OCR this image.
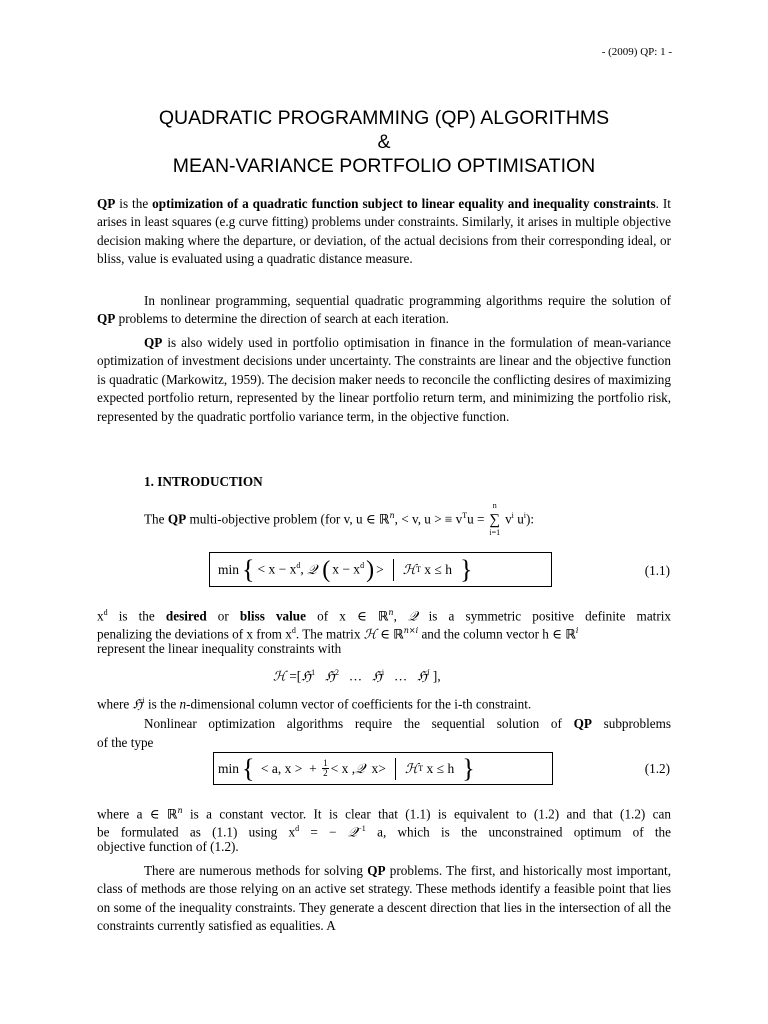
- (2009) QP: 1 -
QUADRATIC PROGRAMMING (QP) ALGORITHMS
&
MEAN-VARIANCE PORTFOLIO OPTIMISATION

QP is the optimization of a quadratic function subject to linear equality and inequality constraints. It arises in least squares (e.g curve fitting) problems under constraints. Similarly, it arises in multiple objective decision making where the departure, or deviation, of the actual decisions from their corresponding ideal, or bliss, value is evaluated using a quadratic distance measure.

In nonlinear programming, sequential quadratic programming algorithms require the solution of QP problems to determine the direction of search at each iteration.

QP is also widely used in portfolio optimisation in finance in the formulation of mean-variance optimization of investment decisions under uncertainty. The constraints are linear and the objective function is quadratic (Markowitz, 1959). The decision maker needs to reconcile the conflicting desires of maximizing expected portfolio return, represented by the linear portfolio return term, and minimizing the portfolio risk, represented by the quadratic portfolio variance term, in the objective function.

1. INTRODUCTION
The QP multi-objective problem (for v, u ∈ ℝ$^n$, < v, u > ≡ $v^Tu$ =
n
∑
i=1
$v^i$ $u^i$):
min { < $x - x^d$, 𝒬
( $x - x^d$ ) > ℋ T x ≤ h }	(1.1)
$x^d$ is the desired or bliss value of x ∈ ℝ$^n$, 𝒬 is a symmetric positive definite matrix
penalizing the deviations of x from $x^d$. The matrix ℋ ∈ ℝ$^{n\times i}$ and the column vector h ∈ ℝ$^i$
represent the linear inequality constraints with
ℋ =[ℌ$^1$ ℌ$^2$ … ℌ$^i$ … ℌ$^i$ ],
where ℌ$^i$ is the n-dimensional column vector of coefficients for the i-th constraint.
Nonlinear optimization algorithms require the sequential solution of QP subproblems
of the type
min { < a, x >  + $\frac{1}{2} < x$ , 𝒬 x> ℋ T x ≤ h }	(1.2)
where a ∈ ℝ$^n$ is a constant vector. It is clear that (1.1) is equivalent to (1.2) and that (1.2) can
be formulated as (1.1) using $x^d$ = − 𝒬$^{-1}$ a, which is the unconstrained optimum of the
objective function of (1.2).

There are numerous methods for solving QP problems. The first, and historically most important, class of methods are those relying on an active set strategy. These methods identify a feasible point that lies on some of the inequality constraints. They generate a descent direction that lies in the intersection of all the constraints currently satisfied as equalities. A
